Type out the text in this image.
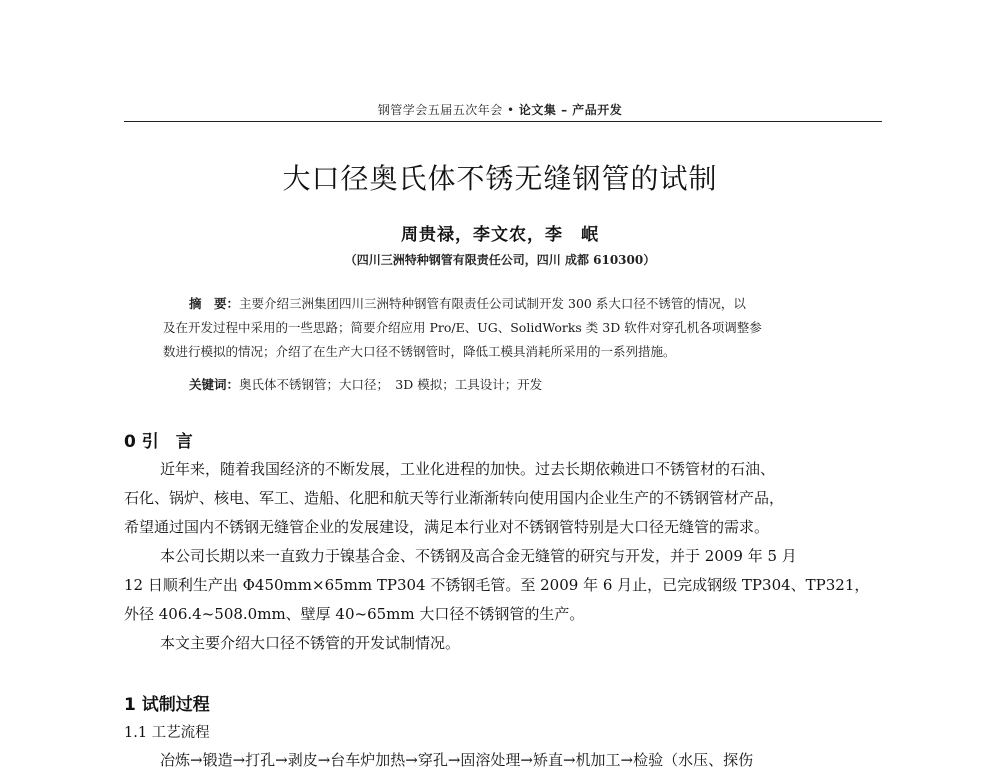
钢管学会五届五次年会 • 论文集 – 产品开发
大口径奥氏体不锈无缝钢管的试制
周贵禄，李文农，李　岷
（四川三洲特种钢管有限责任公司，四川 成都 610300）

摘　要：主要介绍三洲集团四川三洲特种钢管有限责任公司试制开发 300 系大口径不锈管的情况，以

及在开发过程中采用的一些思路；简要介绍应用 Pro/E、UG、SolidWorks 类 3D 软件对穿孔机各项调整参

数进行模拟的情况；介绍了在生产大口径不锈钢管时，降低工模具消耗所采用的一系列措施。

关键词：奥氏体不锈钢管；大口径；　3D 模拟；工具设计；开发
0 引　言

近年来，随着我国经济的不断发展，工业化进程的加快。过去长期依赖进口不锈管材的石油、

石化、锅炉、核电、军工、造船、化肥和航天等行业渐渐转向使用国内企业生产的不锈钢管材产品，

希望通过国内不锈钢无缝管企业的发展建设，满足本行业对不锈钢管特别是大口径无缝管的需求。

本公司长期以来一直致力于镍基合金、不锈钢及高合金无缝管的研究与开发，并于 2009 年 5 月

12 日顺利生产出 Φ450mm×65mm TP304 不锈钢毛管。至 2009 年 6 月止，已完成钢级 TP304、TP321，

外径 406.4~508.0mm、壁厚 40~65mm 大口径不锈钢管的生产。

本文主要介绍大口径不锈管的开发试制情况。

1 试制过程
1.1 工艺流程

冶炼→锻造→打孔→剥皮→台车炉加热→穿孔→固溶处理→矫直→机加工→检验（水压、探伤
